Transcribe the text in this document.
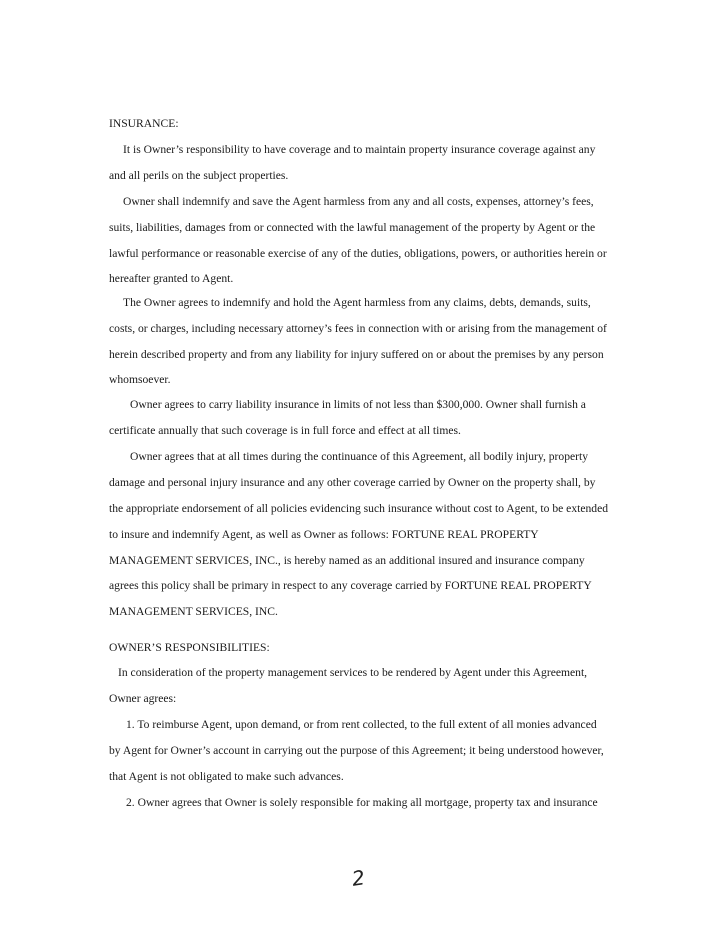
INSURANCE:
It is Owner’s responsibility to have coverage and to maintain property insurance coverage against any
and all perils on the subject properties.
Owner shall indemnify and save the Agent harmless from any and all costs, expenses, attorney’s fees,
suits, liabilities, damages from or connected with the lawful management of the property by Agent or the
lawful performance or reasonable exercise of any of the duties, obligations, powers, or authorities herein or
hereafter granted to Agent.
The Owner agrees to indemnify and hold the Agent harmless from any claims, debts, demands, suits,
costs, or charges, including necessary attorney’s fees in connection with or arising from the management of
herein described property and from any liability for injury suffered on or about the premises by any person
whomsoever.
Owner agrees to carry liability insurance in limits of not less than $300,000. Owner shall furnish a
certificate annually that such coverage is in full force and effect at all times.
Owner agrees that at all times during the continuance of this Agreement, all bodily injury, property
damage and personal injury insurance and any other coverage carried by Owner on the property shall, by
the appropriate endorsement of all policies evidencing such insurance without cost to Agent, to be extended
to insure and indemnify Agent, as well as Owner as follows: FORTUNE REAL PROPERTY
MANAGEMENT SERVICES, INC., is hereby named as an additional insured and insurance company
agrees this policy shall be primary in respect to any coverage carried by FORTUNE REAL PROPERTY
MANAGEMENT SERVICES, INC.
OWNER’S RESPONSIBILITIES:
In consideration of the property management services to be rendered by Agent under this Agreement,
Owner agrees:
1. To reimburse Agent, upon demand, or from rent collected, to the full extent of all monies advanced
by Agent for Owner’s account in carrying out the purpose of this Agreement; it being understood however,
that Agent is not obligated to make such advances.
2. Owner agrees that Owner is solely responsible for making all mortgage, property tax and insurance
2
